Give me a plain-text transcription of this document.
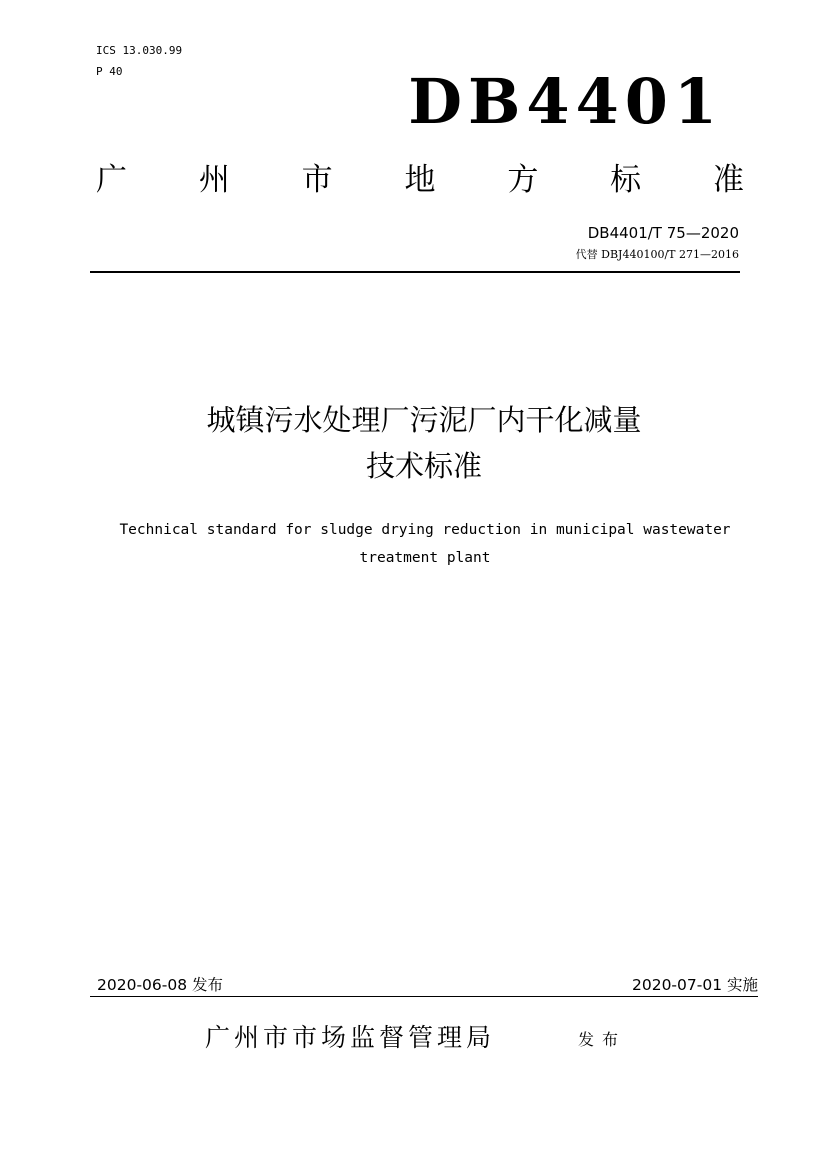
ICS 13.030.99
P 40	DB4401
广 州 市 地 方 标 准
DB4401/T 75—2020
代替 DBJ440100/T 271—2016
城镇污水处理厂污泥厂内干化减量
技术标准
Technical standard for sludge drying reduction in municipal wastewater
treatment plant
2020-06-08 发布	2020-07-01 实施
广州市市场监督管理局	发布
